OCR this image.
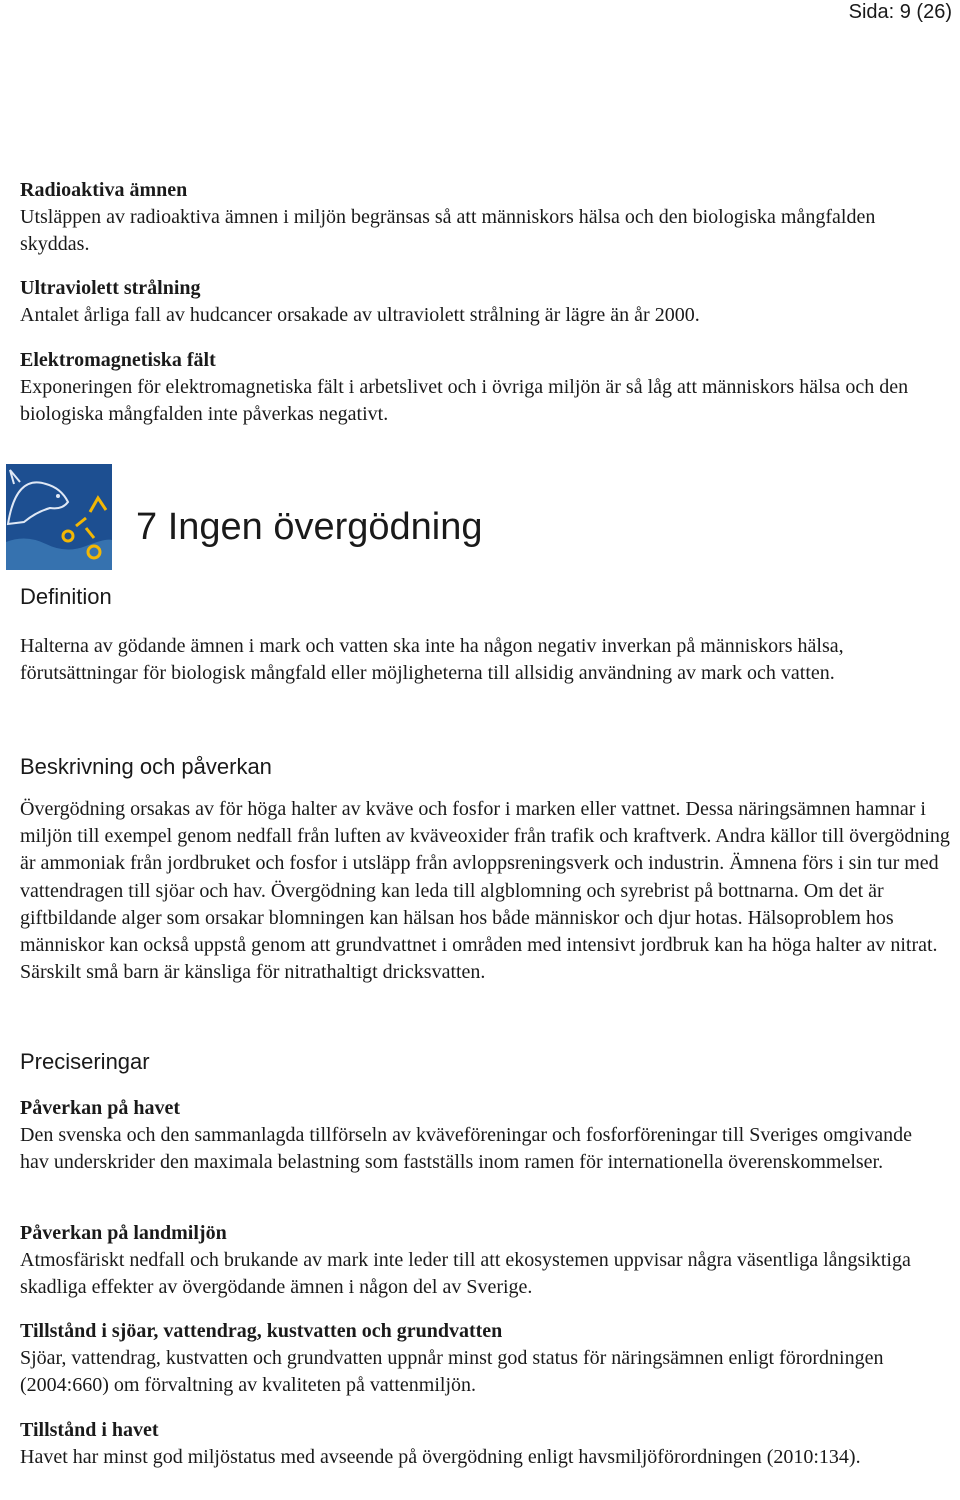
Sida: 9 (26)
Radioaktiva ämnen
Utsläppen av radioaktiva ämnen i miljön begränsas så att människors hälsa och den biologiska mångfalden skyddas.
Ultraviolett strålning
Antalet årliga fall av hudcancer orsakade av ultraviolett strålning är lägre än år 2000.
Elektromagnetiska fält
Exponeringen för elektromagnetiska fält i arbetslivet och i övriga miljön är så låg att människors hälsa och den biologiska mångfalden inte påverkas negativt.
7 Ingen övergödning
Definition
Halterna av gödande ämnen i mark och vatten ska inte ha någon negativ inverkan på människors hälsa, förutsättningar för biologisk mångfald eller möjligheterna till allsidig användning av mark och vatten.
Beskrivning och påverkan
Övergödning orsakas av för höga halter av kväve och fosfor i marken eller vattnet. Dessa näringsämnen hamnar i miljön till exempel genom nedfall från luften av kväveoxider från trafik och kraftverk. Andra källor till övergödning är ammoniak från jordbruket och fosfor i utsläpp från avloppsreningsverk och industrin. Ämnena förs i sin tur med vattendragen till sjöar och hav. Övergödning kan leda till algblomning och syrebrist på bottnarna. Om det är giftbildande alger som orsakar blomningen kan hälsan hos både människor och djur hotas. Hälsoproblem hos människor kan också uppstå genom att grundvattnet i områden med intensivt jordbruk kan ha höga halter av nitrat. Särskilt små barn är känsliga för nitrathaltigt dricksvatten.
Preciseringar
Påverkan på havet
Den svenska och den sammanlagda tillförseln av kväveföreningar och fosforföreningar till Sveriges omgivande hav underskrider den maximala belastning som fastställs inom ramen för internationella överenskommelser.
Påverkan på landmiljön
Atmosfäriskt nedfall och brukande av mark inte leder till att ekosystemen uppvisar några väsentliga långsiktiga skadliga effekter av övergödande ämnen i någon del av Sverige.
Tillstånd i sjöar, vattendrag, kustvatten och grundvatten
Sjöar, vattendrag, kustvatten och grundvatten uppnår minst god status för näringsämnen enligt förordningen (2004:660) om förvaltning av kvaliteten på vattenmiljön.
Tillstånd i havet
Havet har minst god miljöstatus med avseende på övergödning enligt havsmiljöförordningen (2010:134).
